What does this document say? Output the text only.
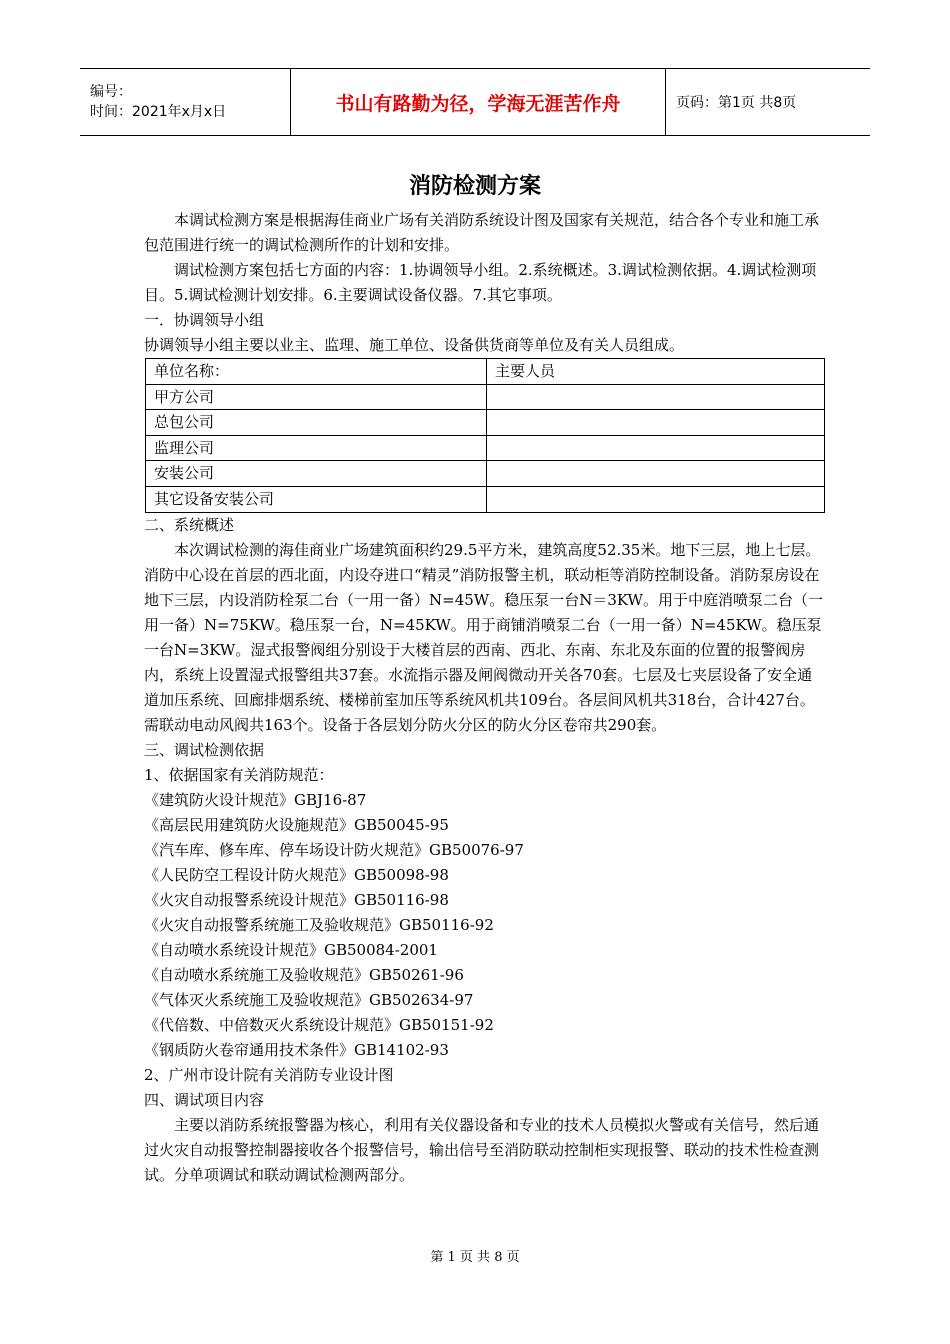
编号：
时间：2021年x月x日	书山有路勤为径，学海无涯苦作舟	页码：第1页 共8页
消防检测方案

本调试检测方案是根据海佳商业广场有关消防系统设计图及国家有关规范，结合各个专业和施工承包范围进行统一的调试检测所作的计划和安排。

调试检测方案包括七方面的内容：1.协调领导小组。2.系统概述。3.调试检测依据。4.调试检测项目。5.调试检测计划安排。6.主要调试设备仪器。7.其它事项。

一．协调领导小组

协调领导小组主要以业主、监理、施工单位、设备供货商等单位及有关人员组成。

单位名称：	主要人员
甲方公司	
总包公司	
监理公司	
安装公司	
其它设备安装公司	

二、系统概述

本次调试检测的海佳商业广场建筑面积约29.5平方米，建筑高度52.35米。地下三层，地上七层。消防中心设在首层的西北面，内设夺进口“精灵”消防报警主机，联动柜等消防控制设备。消防泵房设在地下三层，内设消防栓泵二台（一用一备）N=45W。稳压泵一台N＝3KW。用于中庭消喷泵二台（一用一备）N=75KW。稳压泵一台，N=45KW。用于商铺消喷泵二台（一用一备）N=45KW。稳压泵一台N=3KW。湿式报警阀组分别设于大楼首层的西南、西北、东南、东北及东面的位置的报警阀房内，系统上设置湿式报警组共37套。水流指示器及闸阀微动开关各70套。七层及七夹层设备了安全通道加压系统、回廊排烟系统、楼梯前室加压等系统风机共109台。各层间风机共318台，合计427台。需联动电动风阀共163个。设备于各层划分防火分区的防火分区卷帘共290套。

三、调试检测依据

1、依据国家有关消防规范：

《建筑防火设计规范》GBJ16-87

《高层民用建筑防火设施规范》GB50045-95

《汽车库、修车库、停车场设计防火规范》GB50076-97

《人民防空工程设计防火规范》GB50098-98

《火灾自动报警系统设计规范》GB50116-98

《火灾自动报警系统施工及验收规范》GB50116-92

《自动喷水系统设计规范》GB50084-2001

《自动喷水系统施工及验收规范》GB50261-96

《气体灭火系统施工及验收规范》GB502634-97

《代倍数、中倍数灭火系统设计规范》GB50151-92

《钢质防火卷帘通用技术条件》GB14102-93

2、广州市设计院有关消防专业设计图

四、调试项目内容

主要以消防系统报警器为核心，利用有关仪器设备和专业的技术人员模拟火警或有关信号，然后通过火灾自动报警控制器接收各个报警信号，输出信号至消防联动控制柜实现报警、联动的技术性检查测试。分单项调试和联动调试检测两部分。

第 1 页 共 8 页
